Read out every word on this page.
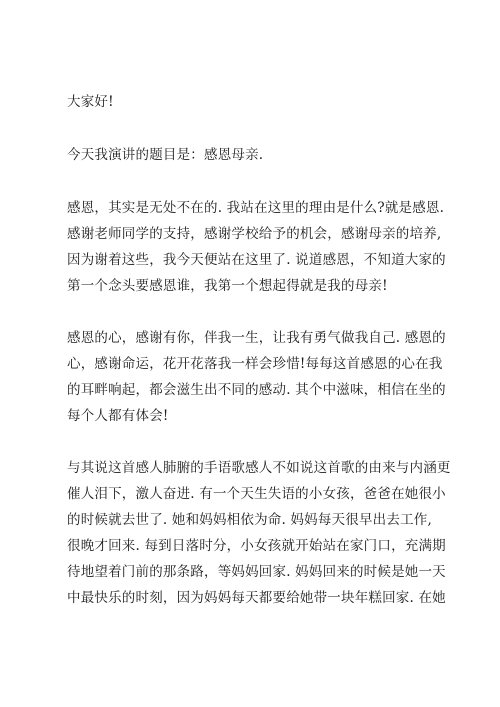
大家好!
今天我演讲的题目是：感恩母亲.
感恩，其实是无处不在的. 我站在这里的理由是什么?就是感恩.
感谢老师同学的支持，感谢学校给予的机会，感谢母亲的培养,
因为谢着这些，我今天便站在这里了. 说道感恩，不知道大家的
第一个念头要感恩谁，我第一个想起得就是我的母亲!
感恩的心，感谢有你，伴我一生，让我有勇气做我自己. 感恩的
心，感谢命运，花开花落我一样会珍惜!每每这首感恩的心在我
的耳畔响起，都会滋生出不同的感动. 其个中滋味，相信在坐的
每个人都有体会!
与其说这首感人肺腑的手语歌感人不如说这首歌的由来与内涵更
催人泪下，激人奋进. 有一个天生失语的小女孩，爸爸在她很小
的时候就去世了. 她和妈妈相依为命. 妈妈每天很早出去工作,
很晚才回来. 每到日落时分，小女孩就开始站在家门口，充满期
待地望着门前的那条路，等妈妈回家. 妈妈回来的时候是她一天
中最快乐的时刻，因为妈妈每天都要给她带一块年糕回家. 在她
